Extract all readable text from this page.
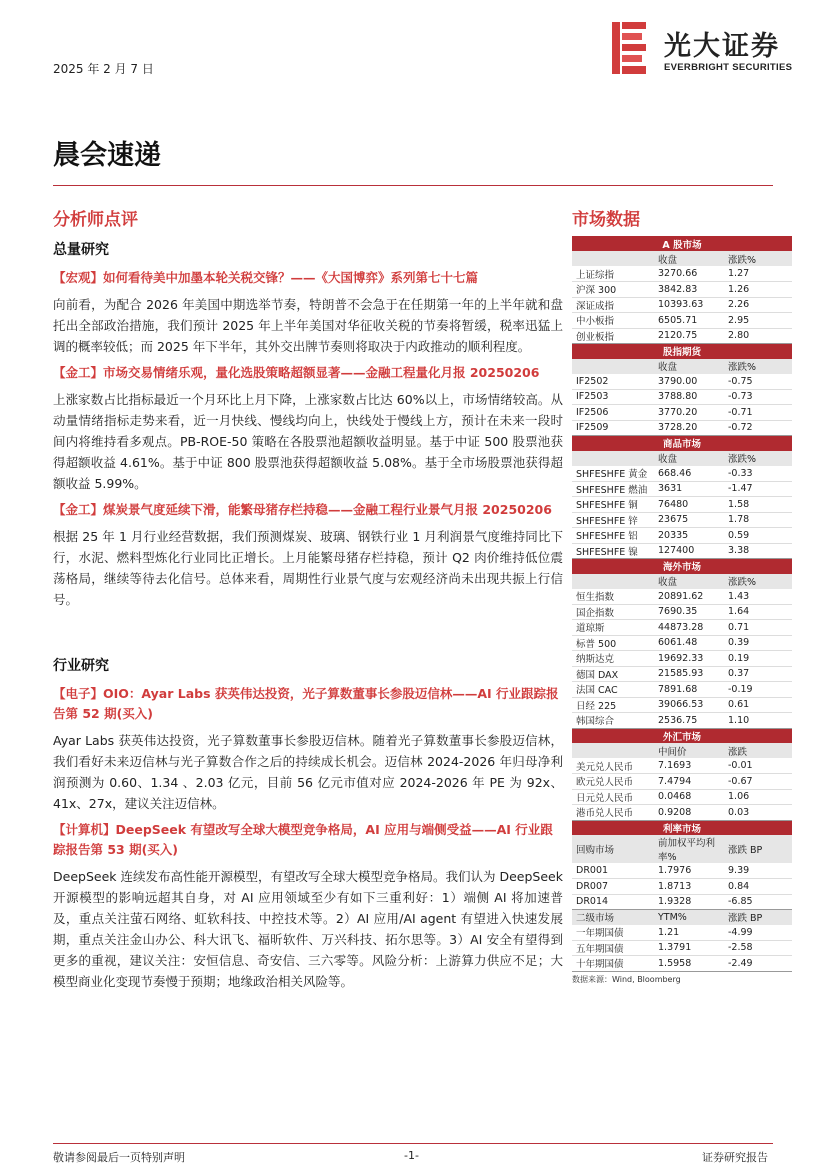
2025 年 2 月 7 日
光大证券
EVERBRIGHT SECURITIES
晨会速递
分析师点评
总量研究
【宏观】如何看待美中加墨本轮关税交锋？——《大国博弈》系列第七十七篇
向前看，为配合 2026 年美国中期选举节奏，特朗普不会急于在任期第一年的上半年就和盘托出全部政治措施，我们预计 2025 年上半年美国对华征收关税的节奏将暂缓，税率迅猛上调的概率较低；而 2025 年下半年，其外交出牌节奏则将取决于内政推动的顺利程度。
【金工】市场交易情绪乐观，量化选股策略超额显著——金融工程量化月报 20250206
上涨家数占比指标最近一个月环比上月下降，上涨家数占比达 60%以上，市场情绪较高。从动量情绪指标走势来看，近一月快线、慢线均向上，快线处于慢线上方，预计在未来一段时间内将维持看多观点。PB-ROE-50 策略在各股票池超额收益明显。基于中证 500 股票池获得超额收益 4.61%。基于中证 800 股票池获得超额收益 5.08%。基于全市场股票池获得超额收益 5.99%。
【金工】煤炭景气度延续下滑，能繁母猪存栏持稳——金融工程行业景气月报 20250206
根据 25 年 1 月行业经营数据，我们预测煤炭、玻璃、钢铁行业 1 月利润景气度维持同比下行，水泥、燃料型炼化行业同比正增长。上月能繁母猪存栏持稳，预计 Q2 肉价维持低位震荡格局，继续等待去化信号。总体来看，周期性行业景气度与宏观经济尚未出现共振上行信号。
行业研究
【电子】OIO：Ayar Labs 获英伟达投资，光子算数董事长参股迈信林——AI 行业跟踪报告第 52 期(买入)
Ayar Labs 获英伟达投资，光子算数董事长参股迈信林。随着光子算数董事长参股迈信林，我们看好未来迈信林与光子算数合作之后的持续成长机会。迈信林 2024-2026 年归母净利润预测为 0.60、1.34 、2.03 亿元，目前 56 亿元市值对应 2024-2026 年 PE 为 92x、41x、27x，建议关注迈信林。
【计算机】DeepSeek 有望改写全球大模型竞争格局，AI 应用与端侧受益——AI 行业跟踪报告第 53 期(买入)
DeepSeek 连续发布高性能开源模型，有望改写全球大模型竞争格局。我们认为 DeepSeek 开源模型的影响远超其自身，对 AI 应用领域至少有如下三重利好：1）端侧 AI 将加速普及，重点关注萤石网络、虹软科技、中控技术等。2）AI 应用/AI agent 有望进入快速发展期，重点关注金山办公、科大讯飞、福昕软件、万兴科技、拓尔思等。3）AI 安全有望得到更多的重视，建议关注：安恒信息、奇安信、三六零等。风险分析：上游算力供应不足；大模型商业化变现节奏慢于预期；地缘政治相关风险等。
市场数据
A 股市场		
	收盘	涨跌%
上证综指	3270.66	1.27
沪深 300	3842.83	1.26
深证成指	10393.63	2.26
中小板指	6505.71	2.95
创业板指	2120.75	2.80
股指期货		
	收盘	涨跌%
IF2502	3790.00	-0.75
IF2503	3788.80	-0.73
IF2506	3770.20	-0.71
IF2509	3728.20	-0.72
商品市场		
	收盘	涨跌%
SHFESHFE 黄金	668.46	-0.33
SHFESHFE 燃油	3631	-1.47
SHFESHFE 铜	76480	1.58
SHFESHFE 锌	23675	1.78
SHFESHFE 铝	20335	0.59
SHFESHFE 镍	127400	3.38
海外市场		
	收盘	涨跌%
恒生指数	20891.62	1.43
国企指数	7690.35	1.64
道琼斯	44873.28	0.71
标普 500	6061.48	0.39
纳斯达克	19692.33	0.19
德国 DAX	21585.93	0.37
法国 CAC	7891.68	-0.19
日经 225	39066.53	0.61
韩国综合	2536.75	1.10
外汇市场		
	中间价	涨跌
美元兑人民币	7.1693	-0.01
欧元兑人民币	7.4794	-0.67
日元兑人民币	0.0468	1.06
港币兑人民币	0.9208	0.03
利率市场		
回购市场	前加权平均利率%	涨跌 BP
DR001	1.7976	9.39
DR007	1.8713	0.84
DR014	1.9328	-6.85
二级市场	YTM%	涨跌 BP
一年期国债	1.21	-4.99
五年期国债	1.3791	-2.58
十年期国债	1.5958	-2.49
数据来源：Wind, Bloomberg
敬请参阅最后一页特别声明	-1-	证券研究报告
